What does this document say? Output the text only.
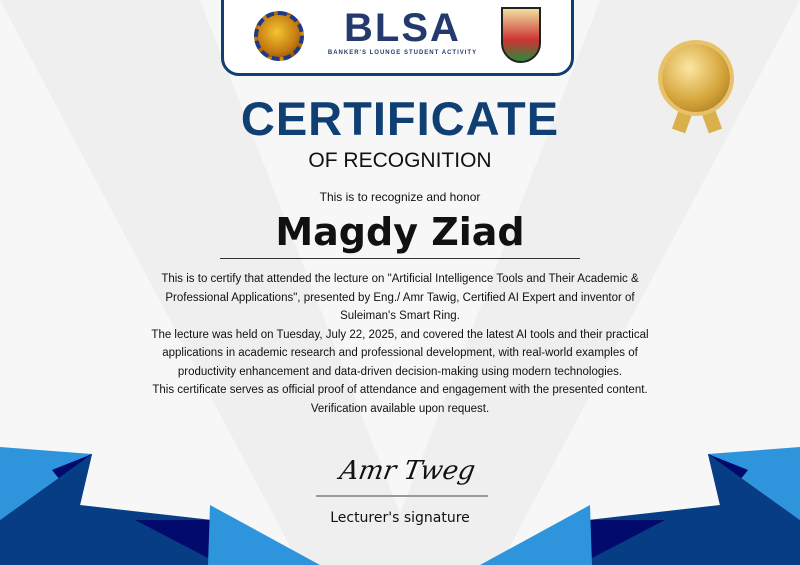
BLSA
BANKER'S LOUNGE STUDENT ACTIVITY
CERTIFICATE
OF RECOGNITION
This is to recognize and honor
Magdy Ziad

This is to certify that attended the lecture on "Artificial Intelligence Tools and Their Academic & Professional Applications", presented by Eng./ Amr Tawig, Certified AI Expert and inventor of Suleiman's Smart Ring.

The lecture was held on Tuesday, July 22, 2025, and covered the latest AI tools and their practical applications in academic research and professional development, with real-world examples of productivity enhancement and data-driven decision-making using modern technologies.

This certificate serves as official proof of attendance and engagement with the presented content. Verification available upon request.

Amr Tweg
Lecturer's signature
